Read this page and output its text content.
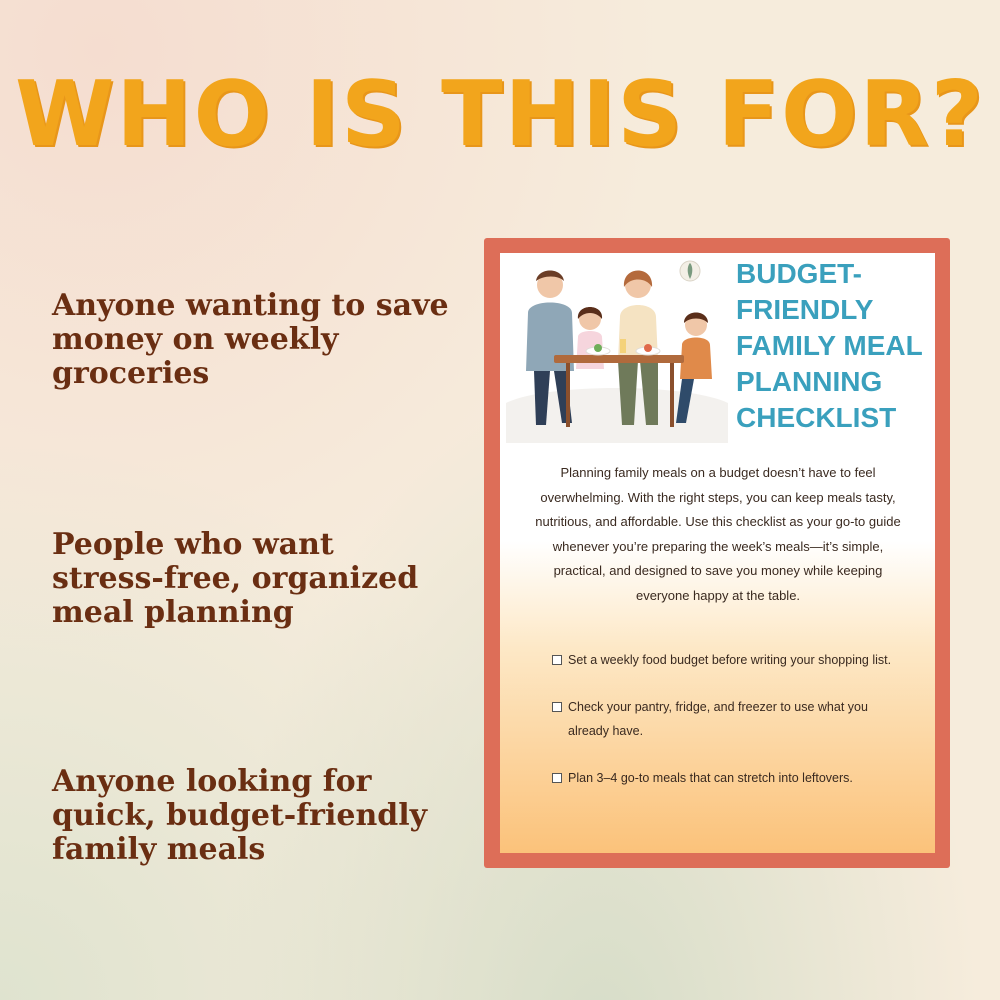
WHO IS THIS FOR?
Anyone wanting to save money on weekly groceries
People who want stress-free, organized meal planning
Anyone looking for quick, budget-friendly family meals
BUDGET-
FRIENDLY
FAMILY MEAL
PLANNING
CHECKLIST

Planning family meals on a budget doesn’t have to feel overwhelming. With the right steps, you can keep meals tasty, nutritious, and affordable. Use this checklist as your go-to guide whenever you’re preparing the week’s meals—it’s simple, practical, and designed to save you money while keeping everyone happy at the table.

Set a weekly food budget before writing your shopping list.
Check your pantry, fridge, and freezer to use what you already have.
Plan 3–4 go-to meals that can stretch into leftovers.
